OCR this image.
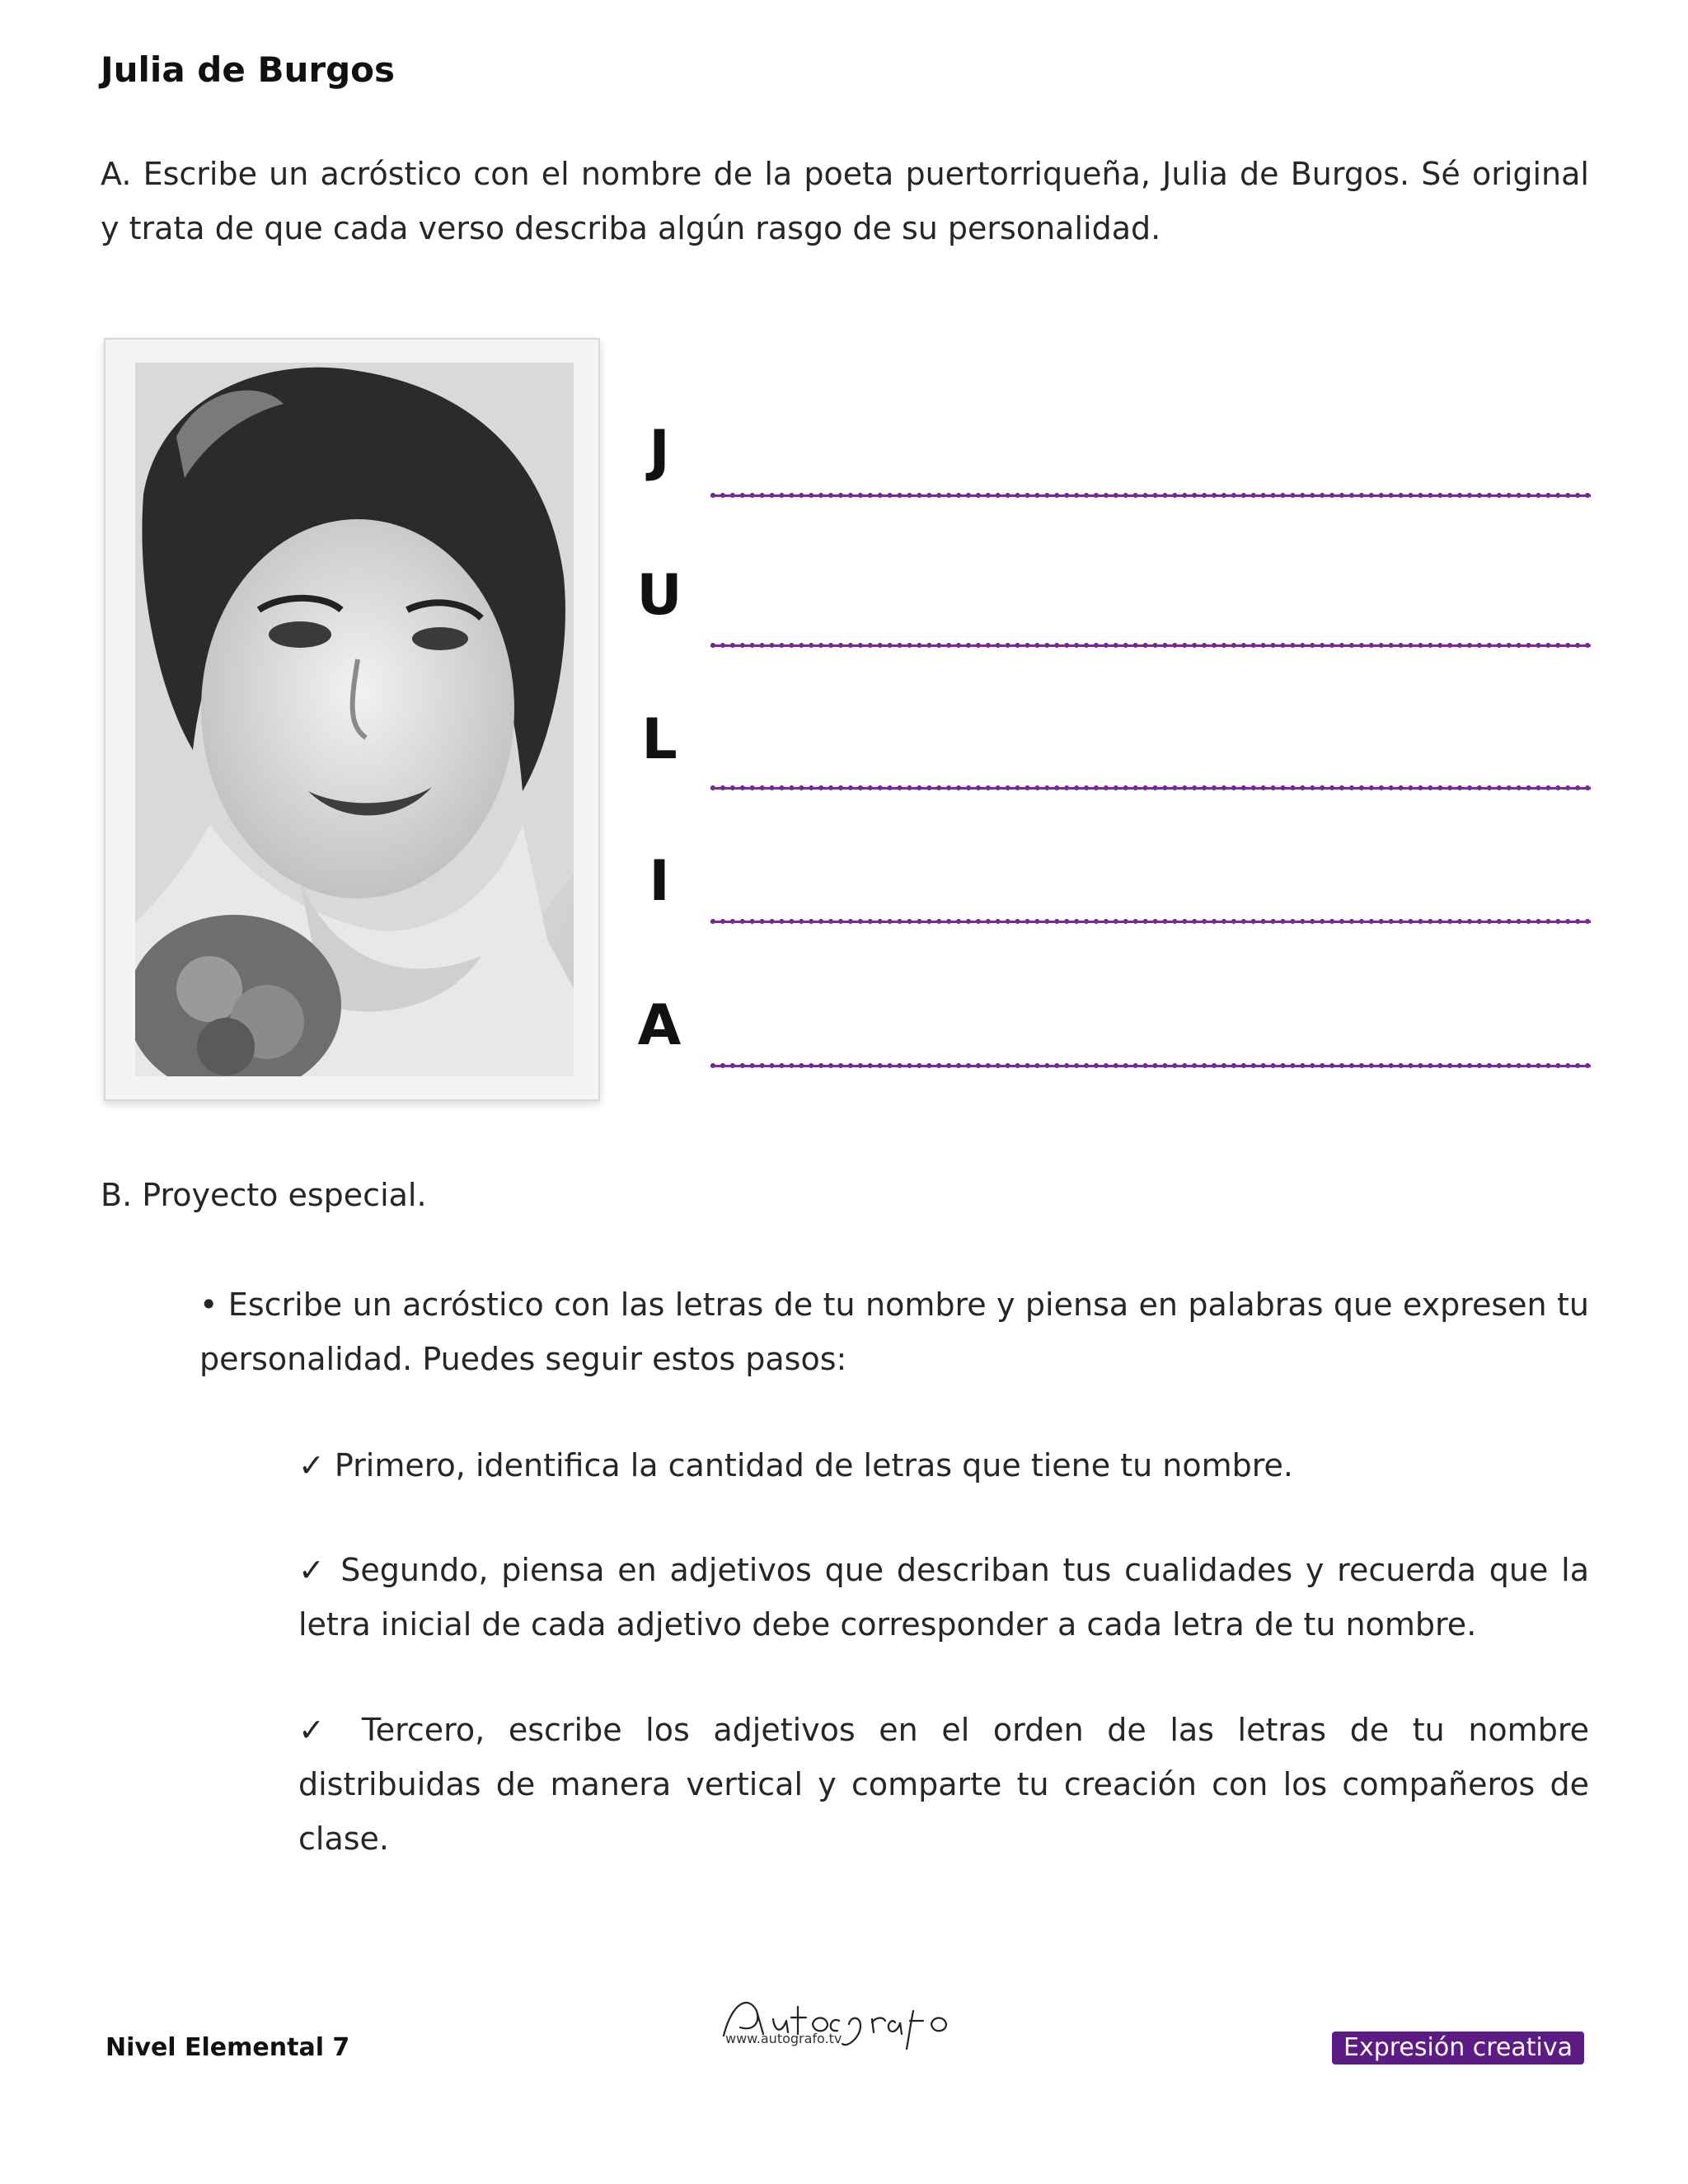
Julia de Burgos
A. Escribe un acróstico con el nombre de la poeta puertorriqueña, Julia de Burgos. Sé original y trata de que cada verso describa algún rasgo de su personalidad.
J
U
L
I
A
B. Proyecto especial.
• Escribe un acróstico con las letras de tu nombre y piensa en palabras que expresen tu personalidad. Puedes seguir estos pasos:
✓ Primero, identifica la cantidad de letras que tiene tu nombre.
✓ Segundo, piensa en adjetivos que describan tus cualidades y recuerda que la letra inicial de cada adjetivo debe corresponder a cada letra de tu nombre.
✓ Tercero, escribe los adjetivos en el orden de las letras de tu nombre distribuidas de manera vertical y comparte tu creación con los compañeros de clase.
Nivel Elemental 7	www.autografo.tv	Expresión creativa
